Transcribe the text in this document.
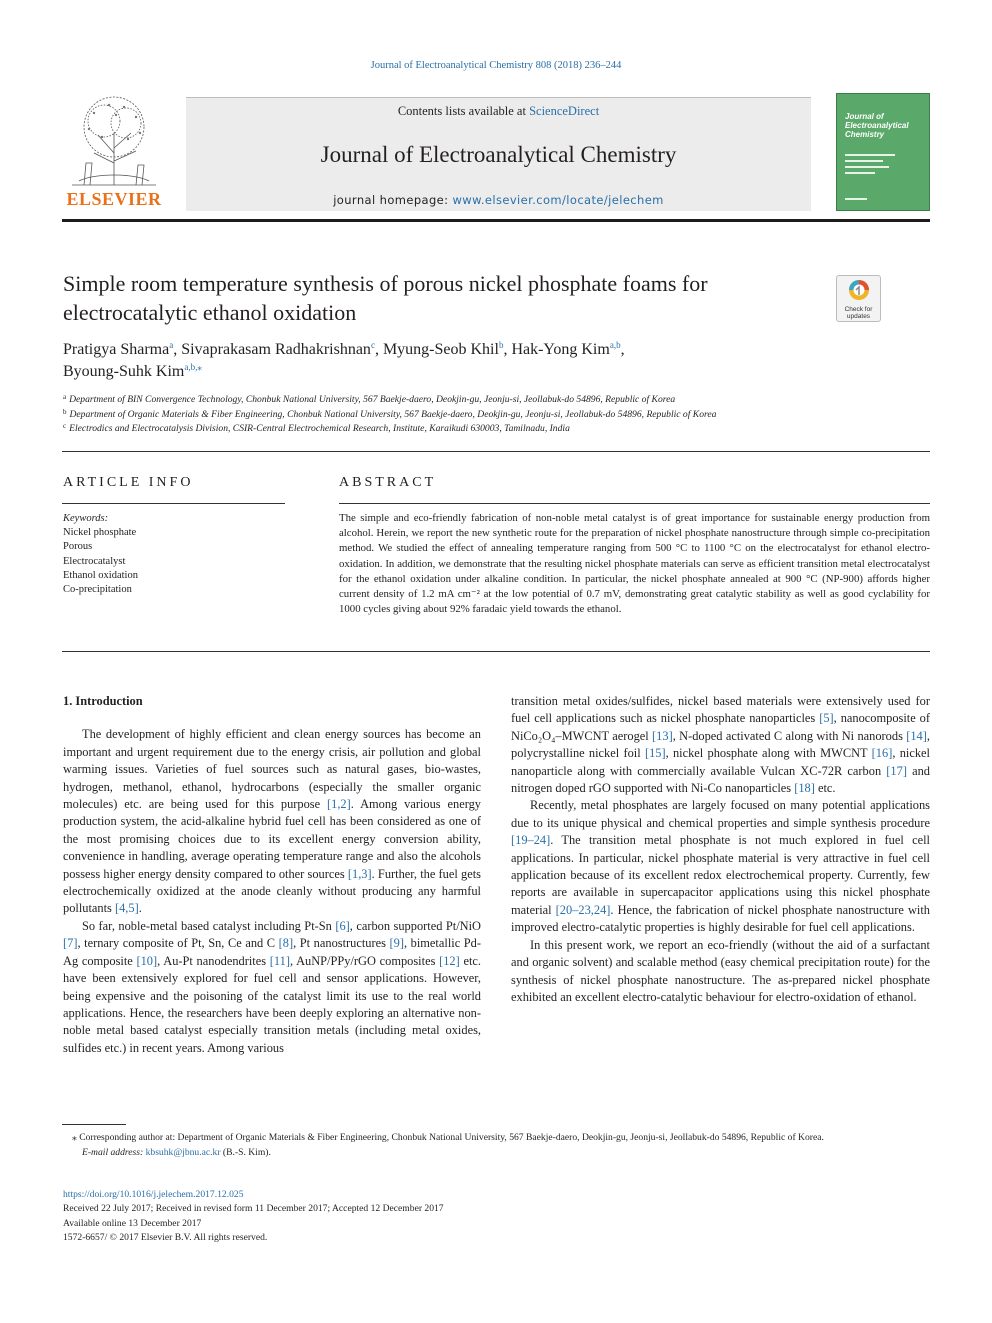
Journal of Electroanalytical Chemistry 808 (2018) 236–244
ELSEVIER
Contents lists available at ScienceDirect
Journal of Electroanalytical Chemistry
journal homepage: www.elsevier.com/locate/jelechem
Journal of Electroanalytical Chemistry
Simple room temperature synthesis of porous nickel phosphate foams for electrocatalytic ethanol oxidation	Check for updates
Pratigya Sharma$^a$, Sivaprakasam Radhakrishnan$^c$, Myung-Seob Khil$^b$, Hak-Yong Kim$^{a,b}$,
Byoung-Suhk Kim$^{a,b,⁎}$
$^a$ Department of BIN Convergence Technology, Chonbuk National University, 567 Baekje-daero, Deokjin-gu, Jeonju-si, Jeollabuk-do 54896, Republic of Korea
$^b$ Department of Organic Materials & Fiber Engineering, Chonbuk National University, 567 Baekje-daero, Deokjin-gu, Jeonju-si, Jeollabuk-do 54896, Republic of Korea
$^c$ Electrodics and Electrocatalysis Division, CSIR-Central Electrochemical Research, Institute, Karaikudi 630003, Tamilnadu, India
ARTICLE INFO	ABSTRACT
Keywords:
Nickel phosphate
Porous
Electrocatalyst
Ethanol oxidation
Co-precipitation
The simple and eco-friendly fabrication of non-noble metal catalyst is of great importance for sustainable energy production from alcohol. Herein, we report the new synthetic route for the preparation of nickel phosphate nanostructure through simple co-precipitation method. We studied the effect of annealing temperature ranging from 500 °C to 1100 °C on the electrocatalyst for ethanol electro-oxidation. In addition, we demonstrate that the resulting nickel phosphate materials can serve as efficient transition metal electrocatalyst for the ethanol oxidation under alkaline condition. In particular, the nickel phosphate annealed at 900 °C (NP-900) affords higher current density of 1.2 mA cm⁻² at the low potential of 0.7 mV, demonstrating great catalytic stability as well as good cyclability for 1000 cycles giving about 92% faradaic yield towards the ethanol.

1. Introduction

The development of highly efficient and clean energy sources has become an important and urgent requirement due to the energy crisis, air pollution and global warming issues. Varieties of fuel sources such as natural gases, bio-wastes, hydrogen, methanol, ethanol, hydrocarbons (especially the smaller organic molecules) etc. are being used for this purpose [1,2]. Among various energy production system, the acid-alkaline hybrid fuel cell has been considered as one of the most promising choices due to its excellent energy conversion ability, convenience in handling, average operating temperature range and also the alcohols possess higher energy density compared to other sources [1,3]. Further, the fuel gets electrochemically oxidized at the anode cleanly without producing any harmful pollutants [4,5].

So far, noble-metal based catalyst including Pt-Sn [6], carbon supported Pt/NiO [7], ternary composite of Pt, Sn, Ce and C [8], Pt nanostructures [9], bimetallic Pd-Ag composite [10], Au-Pt nanodendrites [11], AuNP/PPy/rGO composites [12] etc. have been extensively explored for fuel cell and sensor applications. However, being expensive and the poisoning of the catalyst limit its use to the real world applications. Hence, the researchers have been deeply exploring an alternative non-noble metal based catalyst especially transition metals (including metal oxides, sulfides etc.) in recent years. Among various

transition metal oxides/sulfides, nickel based materials were extensively used for fuel cell applications such as nickel phosphate nanoparticles [5], nanocomposite of NiCo₂O₄–MWCNT aerogel [13], N-doped activated C along with Ni nanorods [14], polycrystalline nickel foil [15], nickel phosphate along with MWCNT [16], nickel nanoparticle along with commercially available Vulcan XC-72R carbon [17] and nitrogen doped rGO supported with Ni-Co nanoparticles [18] etc.

Recently, metal phosphates are largely focused on many potential applications due to its unique physical and chemical properties and simple synthesis procedure [19–24]. The transition metal phosphate is not much explored in fuel cell applications. In particular, nickel phosphate material is very attractive in fuel cell application because of its excellent redox electrochemical property. Currently, few reports are available in supercapacitor applications using this nickel phosphate material [20–23,24]. Hence, the fabrication of nickel phosphate nanostructure with improved electro-catalytic properties is highly desirable for fuel cell applications.

In this present work, we report an eco-friendly (without the aid of a surfactant and organic solvent) and scalable method (easy chemical precipitation route) for the synthesis of nickel phosphate nanostructure. The as-prepared nickel phosphate exhibited an excellent electro-catalytic behaviour for electro-oxidation of ethanol.

⁎ Corresponding author at: Department of Organic Materials & Fiber Engineering, Chonbuk National University, 567 Baekje-daero, Deokjin-gu, Jeonju-si, Jeollabuk-do 54896, Republic of Korea.

E-mail address: kbsuhk@jbnu.ac.kr (B.-S. Kim).

https://doi.org/10.1016/j.jelechem.2017.12.025
Received 22 July 2017; Received in revised form 11 December 2017; Accepted 12 December 2017
Available online 13 December 2017
1572-6657/ © 2017 Elsevier B.V. All rights reserved.
